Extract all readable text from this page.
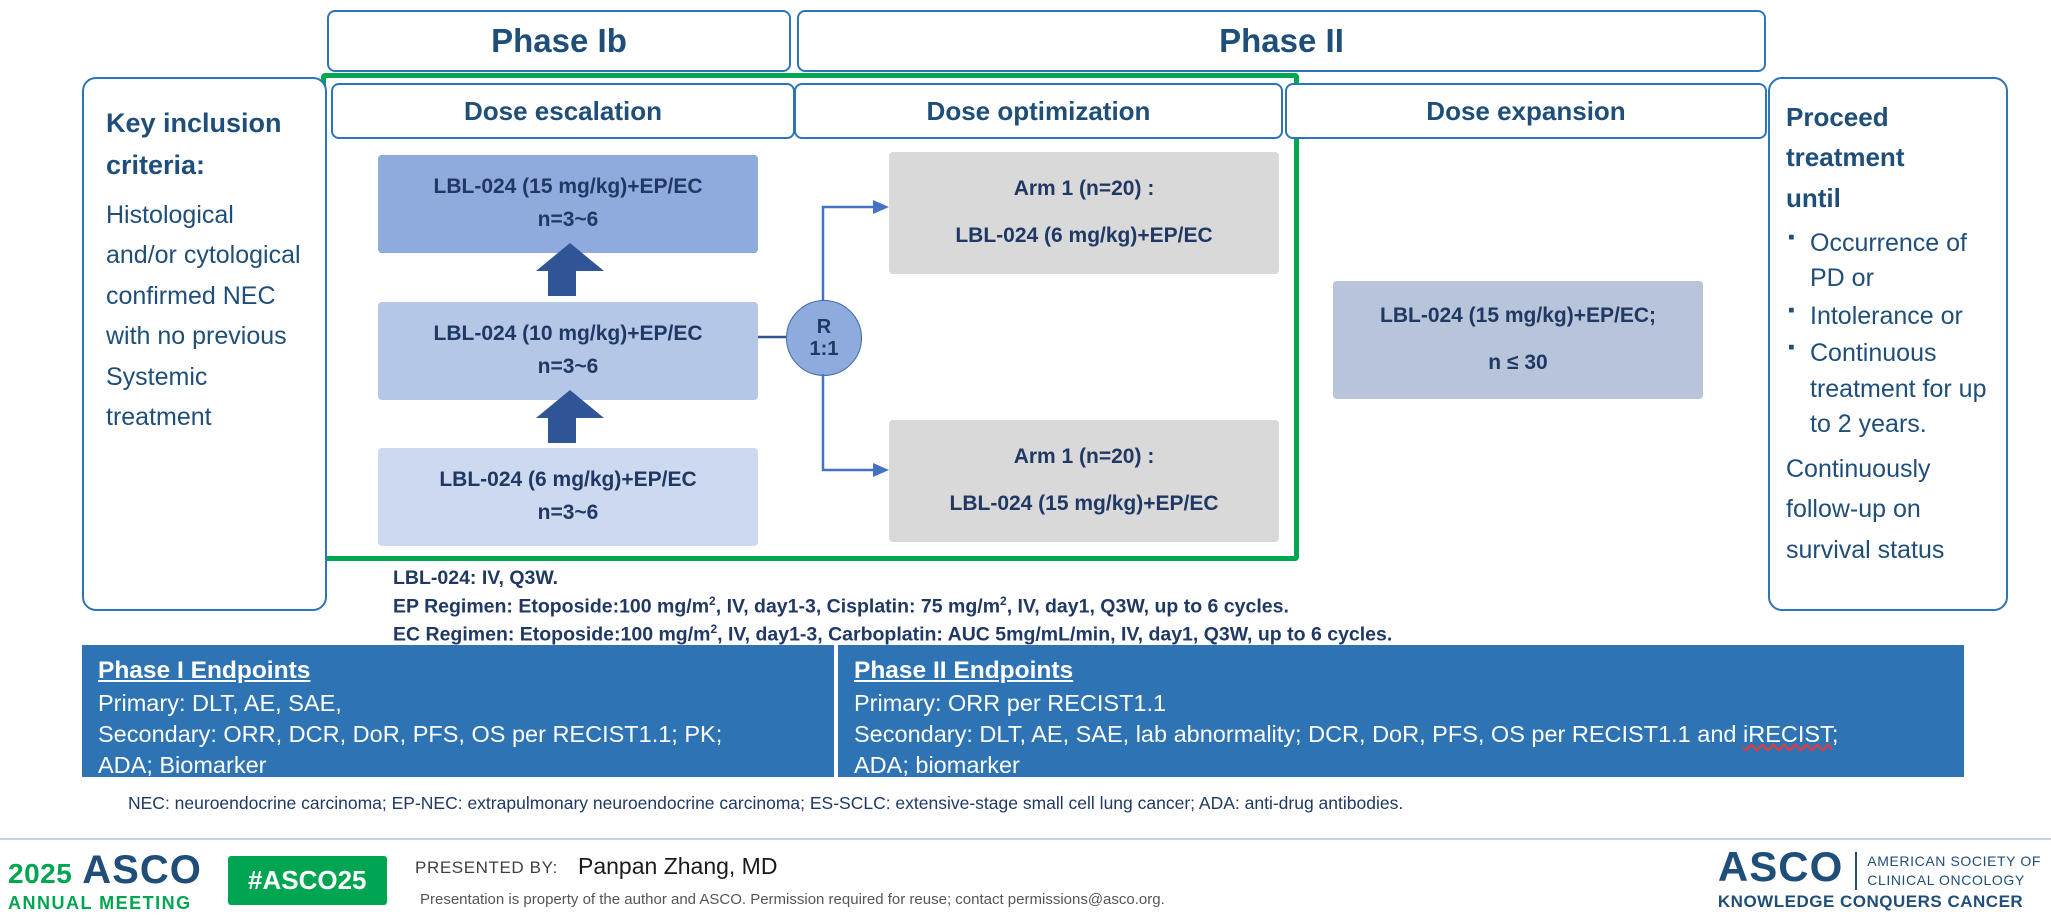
Phase Ib	Phase II
Dose escalation	Dose optimization	Dose expansion
LBL-024 (15 mg/kg)+EP/EC
n=3~6
LBL-024 (10 mg/kg)+EP/EC
n=3~6
LBL-024 (6 mg/kg)+EP/EC
n=3~6
R
1:1
Arm 1 (n=20) :
LBL-024 (6 mg/kg)+EP/EC
Arm 1 (n=20) :
LBL-024 (15 mg/kg)+EP/EC
LBL-024 (15 mg/kg)+EP/EC;
n ≤ 30
Key inclusion
criteria:
Histological and/or cytological confirmed NEC with no previous Systemic treatment
Proceed
treatment
until
▪ Occurrence of PD or
▪ Intolerance or
▪ Continuous treatment for up to 2 years.
Continuously follow-up on survival status
LBL-024: IV, Q3W.
EP Regimen: Etoposide:100 $mg/m^2$, IV, day1-3, Cisplatin: 75 $mg/m^2$, IV, day1, Q3W, up to 6 cycles.
EC Regimen: Etoposide:100 $mg/m^2$, IV, day1-3, Carboplatin: AUC 5mg/mL/min, IV, day1, Q3W, up to 6 cycles.
Phase I Endpoints
Primary: DLT, AE, SAE,
Secondary: ORR, DCR, DoR, PFS, OS per RECIST1.1; PK;
ADA; Biomarker
Phase II Endpoints
Primary: ORR per RECIST1.1
Secondary: DLT, AE, SAE, lab abnormality; DCR, DoR, PFS, OS per RECIST1.1 and iRECIST;
ADA; biomarker
NEC: neuroendocrine carcinoma; EP-NEC: extrapulmonary neuroendocrine carcinoma; ES-SCLC: extensive-stage small cell lung cancer; ADA: anti-drug antibodies.
2025 ASCO
ANNUAL MEETING
#ASCO25	PRESENTED BY: Panpan Zhang, MD
Presentation is property of the author and ASCO. Permission required for reuse; contact permissions@asco.org.
ASCO
KNOWLEDGE CONQUERS CANCER
AMERICAN SOCIETY OF
CLINICAL ONCOLOGY
